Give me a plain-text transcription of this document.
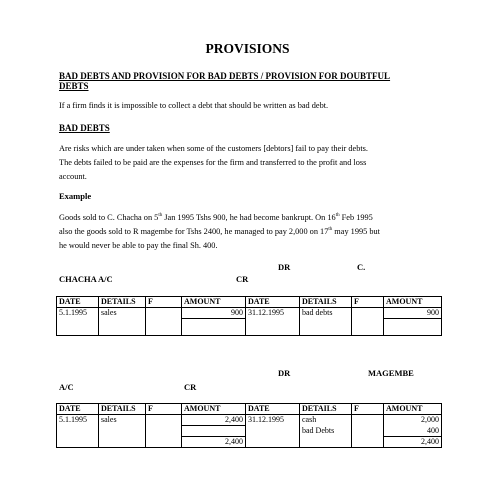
PROVISIONS
BAD DEBTS AND PROVISION FOR BAD DEBTS / PROVISION FOR DOUBTFUL
DEBTS
If a firm finds it is impossible to collect a debt that should be written as bad debt.
BAD DEBTS
Are risks which are under taken when some of the customers [debtors] fail to pay their debts.
The debts failed to be paid are the expenses for the firm and transferred to the profit and loss
account.
Example
Goods sold to C. Chacha on 5th Jan 1995 Tshs 900, he had become bankrupt. On 16th Feb 1995
also the goods sold to R magembe for Tshs 2400, he managed to pay 2,000 on 17th may 1995 but
he would never be able to pay the final Sh. 400.
DR	C.
CHACHA A/C	CR
DATE	DETAILS	F	AMOUNT	DATE	DETAILS	F	AMOUNT
5.1.1995	sales		900	31.12.1995	bad debts		900

DR	MAGEMBE
A/C	CR
DATE	DETAILS	F	AMOUNT	DATE	DETAILS	F	AMOUNT
5.1.1995	sales		2,400	31.12.1995	cash		2,000
					bad Debts		400
			2,400				2,400
